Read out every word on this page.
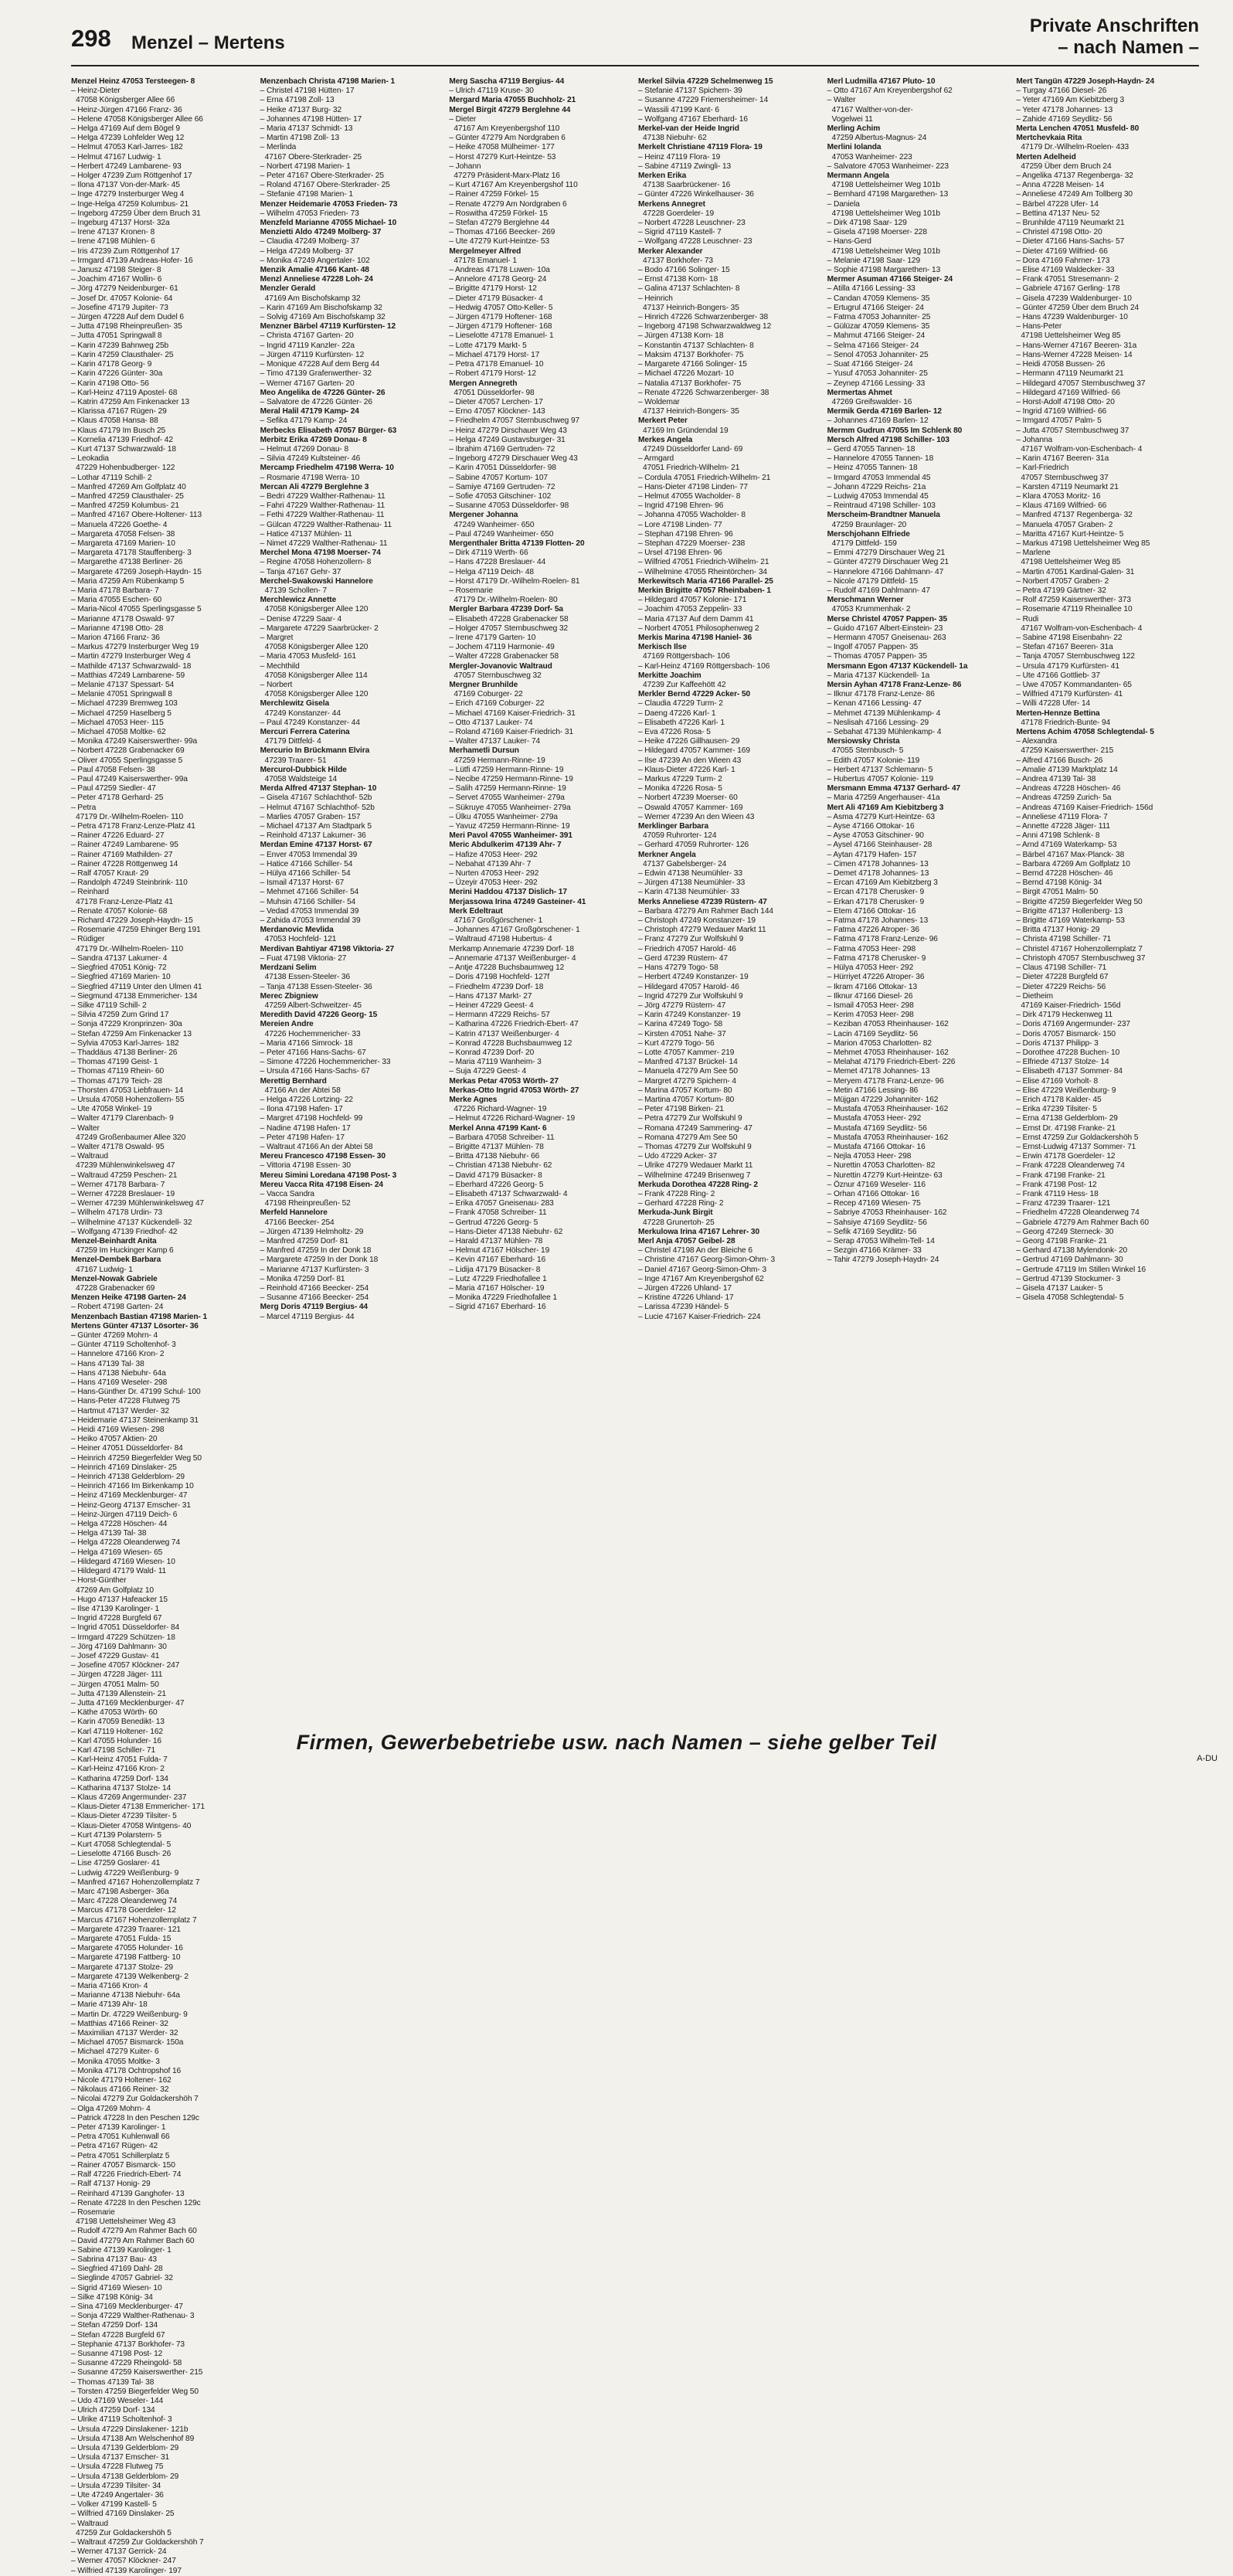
298 Menzel – Mertens
Private Anschriften
– nach Namen –
Menzel Heinz 47053 Tersteegen- 8
– Heinz-Dieter
47058 Königsberger Allee 66
– Heinz-Jürgen 47166 Franz- 36
– Helene 47058 Königsberger Allee 66
– Helga 47169 Auf dem Bögel 9
– Helga 47239 Lohfelder Weg 12
– Helmut 47053 Karl-Jarres- 182
– Helmut 47167 Ludwig- 1
– Herbert 47249 Lambarene- 93
– Holger 47239 Zum Röttgenhof 17
– Ilona 47137 Von-der-Mark- 45
– Inge 47279 Insterburger Weg 4
– Inge-Helga 47259 Kolumbus- 21
– Ingeborg 47259 Über dem Bruch 31
– Ingeburg 47137 Horst- 32a
– Irene 47137 Kronen- 8
– Irene 47198 Mühlen- 6
– Iris 47239 Zum Röttgenhof 17
– Irmgard 47139 Andreas-Hofer- 16
– Janusz 47198 Steiger- 8
– Joachim 47167 Wollin- 6
– Jörg 47279 Neidenburger- 61
– Josef Dr. 47057 Kolonie- 64
– Josefine 47179 Jupiter- 73
– Jürgen 47228 Auf dem Dudel 6
– Jutta 47198 Rheinpreußen- 35
– Jutta 47051 Springwall 8
– Karin 47239 Bahnweg 25b
– Karin 47259 Clausthaler- 25
– Karin 47178 Georg- 9
– Karin 47226 Günter- 30a
– Karin 47198 Otto- 56
– Karl-Heinz 47119 Apostel- 68
– Katrin 47259 Am Finkenacker 13
– Klarissa 47167 Rügen- 29
– Klaus 47058 Hansa- 88
– Klaus 47179 Im Busch 25
– Kornelia 47139 Friedhof- 42
– Kurt 47137 Schwarzwald- 18
– Leokadia
47229 Hohenbudberger- 122
– Lothar 47119 Schill- 2
– Manfred 47269 Am Golfplatz 40
– Manfred 47259 Clausthaler- 25
– Manfred 47259 Kolumbus- 21
– Manfred 47167 Obere-Holtener- 113
– Manuela 47226 Goethe- 4
– Margareta 47058 Felsen- 38
– Margareta 47169 Marien- 10
– Margareta 47178 Stauffenberg- 3
– Margarethe 47138 Berliner- 26
– Margarete 47269 Joseph-Haydn- 15
– Maria 47259 Am Rübenkamp 5
– Maria 47178 Barbara- 7
– Maria 47055 Eschen- 60
– Maria-Nicol 47055 Sperlingsgasse 5
– Marianne 47178 Oswald- 97
– Marianne 47198 Otto- 28
– Marion 47166 Franz- 36
– Markus 47279 Insterburger Weg 19
– Martin 47279 Insterburger Weg 4
– Mathilde 47137 Schwarzwald- 18
– Matthias 47249 Lambarene- 59
– Melanie 47137 Spessart- 54
– Melanie 47051 Springwall 8
– Michael 47239 Bremweg 103
– Michael 47259 Haselberg 5
– Michael 47053 Heer- 115
– Michael 47058 Moltke- 62
– Monika 47249 Kaiserswerther- 99a
– Norbert 47228 Grabenacker 69
– Oliver 47055 Sperlingsgasse 5
– Paul 47058 Felsen- 38
– Paul 47249 Kaiserswerther- 99a
– Paul 47259 Siedler- 47
– Peter 47178 Gerhard- 25
– Petra
47179 Dr.-Wilhelm-Roelen- 110
– Petra 47178 Franz-Lenze-Platz 41
– Rainer 47226 Eduard- 27
– Rainer 47249 Lambarene- 95
– Rainer 47169 Mathilden- 27
– Rainer 47228 Röttgenweg 14
– Ralf 47057 Kraut- 29
– Randolph 47249 Steinbrink- 110
– Reinhard
47178 Franz-Lenze-Platz 41
– Renate 47057 Kolonie- 68
– Richard 47229 Joseph-Haydn- 15
– Rosemarie 47259 Ehinger Berg 191
– Rüdiger
47179 Dr.-Wilhelm-Roelen- 110
– Sandra 47137 Lakumer- 4
– Siegfried 47051 König- 72
– Siegfried 47169 Marien- 10
– Siegfried 47119 Unter den Ulmen 41
– Siegmund 47138 Emmericher- 134
– Silke 47119 Schill- 2
– Silvia 47259 Zum Grind 17
– Sonja 47229 Kronprinzen- 30a
– Stefan 47259 Am Finkenacker 13
– Sylvia 47053 Karl-Jarres- 182
– Thaddäus 47138 Berliner- 26
– Thomas 47199 Geist- 1
– Thomas 47119 Rhein- 60
– Thomas 47179 Teich- 28
– Thorsten 47053 Liebfrauen- 14
– Ursula 47058 Hohenzollern- 55
– Ute 47058 Winkel- 19
– Walter 47179 Clarenbach- 9
– Walter
47249 Großenbaumer Allee 320
– Walter 47178 Oswald- 95
– Waltraud
47239 Mühlenwinkelsweg 47
– Waltraud 47259 Peschen- 21
– Werner 47178 Barbara- 7
– Werner 47228 Breslauer- 19
– Werner 47239 Mühlenwinkelsweg 47
– Wilhelm 47178 Urdin- 73
– Wilhelmine 47137 Kückendell- 32
– Wolfgang 47139 Friedhof- 42
Menzel-Beinhardt Anita
47259 Im Huckinger Kamp 6
Menzel-Dembek Barbara
47167 Ludwig- 1
Menzel-Nowak Gabriele
47228 Grabenacker 69
Menzen Heike 47198 Garten- 24
– Robert 47198 Garten- 24
Menzenbach Bastian 47198 Marien- 1
Menzenbach Christa 47198 Marien- 1
– Christel 47198 Hütten- 17
– Erna 47198 Zoll- 13
– Heike 47137 Burg- 32
– Johannes 47198 Hütten- 17
– Maria 47137 Schmidt- 13
– Martin 47198 Zoll- 13
– Merlinda
47167 Obere-Sterkrader- 25
– Norbert 47198 Marien- 1
– Peter 47167 Obere-Sterkrader- 25
– Roland 47167 Obere-Sterkrader- 25
– Stefanie 47198 Marien- 1
Menzer Heidemarie 47053 Frieden- 73
– Wilhelm 47053 Frieden- 73
Menzfeld Marianne 47055 Michael- 10
Menzietti Aldo 47249 Molberg- 37
– Claudia 47249 Molberg- 37
– Helga 47249 Molberg- 37
– Monika 47249 Angertaler- 102
Menzik Amalie 47166 Kant- 48
Menzl Anneliese 47228 Loh- 24
Menzler Gerald
47169 Am Bischofskamp 32
– Karin 47169 Am Bischofskamp 32
– Solvig 47169 Am Bischofskamp 32
Menzner Bärbel 47119 Kurfürsten- 12
– Christa 47167 Garten- 20
– Ingrid 47119 Kanzler- 22a
– Jürgen 47119 Kurfürsten- 12
– Monique 47228 Auf dem Berg 44
– Timo 47139 Grafenwerther- 32
– Werner 47167 Garten- 20
Meo Angelika de 47226 Günter- 26
– Salvatore de 47226 Günter- 26
Meral Halil 47179 Kamp- 24
– Sefika 47179 Kamp- 24
Merbecks Elisabeth 47057 Bürger- 63
Merbitz Erika 47269 Donau- 8
– Helmut 47269 Donau- 8
– Silvia 47249 Kultsteiner- 46
Mercamp Friedhelm 47198 Werra- 10
– Rosmarie 47198 Werra- 10
Mercan Ali 47279 Berglehne 3
– Bedri 47229 Walther-Rathenau- 11
– Fahri 47229 Walther-Rathenau- 11
– Fethi 47229 Walther-Rathenau- 11
– Gülcan 47229 Walther-Rathenau- 11
– Hatice 47137 Mühlen- 11
– Nimet 47229 Walther-Rathenau- 11
Merchel Mona 47198 Moerser- 74
– Regine 47058 Hohenzollern- 8
– Tanja 47167 Gehr- 37
Merchel-Swakowski Hannelore
47139 Schollen- 7
Merchlewicz Annette
47058 Königsberger Allee 120
– Denise 47229 Saar- 4
– Margarete 47229 Saarbrücker- 2
– Margret
47058 Königsberger Allee 120
– Maria 47053 Musfeld- 161
– Mechthild
47058 Königsberger Allee 114
– Norbert
47058 Königsberger Allee 120
Merchlewitz Gisela
47249 Konstanzer- 44
– Paul 47249 Konstanzer- 44
Mercuri Ferrera Caterina
47179 Dittfeld- 4
Mercurio In Brückmann Elvira
47239 Traarer- 51
Mercurol-Dubbick Hilde
47058 Waldsteige 14
Merda Alfred 47137 Stephan- 10
– Gisela 47167 Schlachthof- 52b
– Helmut 47167 Schlachthof- 52b
– Marlies 47057 Graben- 157
– Michael 47137 Am Stadtpark 5
– Reinhold 47137 Lakumer- 36
Merdan Emine 47137 Horst- 67
– Enver 47053 Immendal 39
– Hatice 47166 Schiller- 54
– Hülya 47166 Schiller- 54
– Ismail 47137 Horst- 67
– Mehmet 47166 Schiller- 54
– Muhsin 47166 Schiller- 54
– Vedad 47053 Immendal 39
– Zahida 47053 Immendal 39
Merdanovic Mevlida
47053 Hochfeld- 121
Merdivan Bahtiyar 47198 Viktoria- 27
– Fuat 47198 Viktoria- 27
Merdzani Selim
47138 Essen-Steeler- 36
– Tanja 47138 Essen-Steeler- 36
Merec Zbigniew
47259 Albert-Schweitzer- 45
Meredith David 47226 Georg- 15
Mereien Andre
47226 Hochemmericher- 33
– Maria 47166 Simrock- 18
– Peter 47166 Hans-Sachs- 67
– Simone 47226 Hochemmericher- 33
– Ursula 47166 Hans-Sachs- 67
Merettig Bernhard
47166 An der Abtei 58
– Helga 47226 Lortzing- 22
– Ilona 47198 Hafen- 17
– Margret 47198 Hochfeld- 99
– Nadine 47198 Hafen- 17
– Peter 47198 Hafen- 17
– Waltraut 47166 An der Abtei 58
Mereu Francesco 47198 Essen- 30
– Vittoria 47198 Essen- 30
Mereu Simini Loredana 47198 Post- 3
Mereu Vacca Rita 47198 Eisen- 24
– Vacca Sandra
47198 Rheinpreußen- 52
Merfeld Hannelore
47166 Beecker- 254
– Jürgen 47139 Helmholtz- 29
– Manfred 47259 Dorf- 81
– Manfred 47259 In der Donk 18
– Margarete 47259 In der Donk 18
– Marianne 47137 Kurfürsten- 3
– Monika 47259 Dorf- 81
– Reinhold 47166 Beecker- 254
– Susanne 47166 Beecker- 254
Merg Doris 47119 Bergius- 44
– Marcel 47119 Bergius- 44
Merg Sascha 47119 Bergius- 44
– Ulrich 47119 Kruse- 30
Mergard Maria 47055 Buchholz- 21
Mergel Birgit 47279 Berglehne 44
– Dieter
47167 Am Kreyenbergshof 110
– Günter 47279 Am Nordgraben 6
– Heike 47058 Mülheimer- 177
– Horst 47279 Kurt-Heintze- 53
– Johann
47279 Präsident-Marx-Platz 16
– Kurt 47167 Am Kreyenbergshof 110
– Rainer 47259 Förkel- 15
– Renate 47279 Am Nordgraben 6
– Roswitha 47259 Förkel- 15
– Stefan 47279 Berglehne 44
– Thomas 47166 Beecker- 269
– Ute 47279 Kurt-Heintze- 53
Mergelmeyer Alfred
47178 Emanuel- 1
– Andreas 47178 Luwen- 10a
– Annelore 47178 Georg- 24
– Brigitte 47179 Horst- 12
– Dieter 47179 Büsacker- 4
– Hedwig 47057 Otto-Keller- 5
– Jürgen 47179 Hoftener- 168
– Jürgen 47179 Hoftener- 168
– Lieselotte 47178 Emanuel- 1
– Lotte 47179 Markt- 5
– Michael 47179 Horst- 17
– Petra 47178 Emanuel- 10
– Robert 47179 Horst- 12
Mergen Annegreth
47051 Düsseldorfer- 98
– Dieter 47057 Lerchen- 17
– Erno 47057 Klöckner- 143
– Friedhelm 47057 Sternbuschweg 97
– Heinz 47279 Dirschauer Weg 43
– Helga 47249 Gustavsburger- 31
– Ibrahim 47169 Gertruden- 72
– Ingeborg 47279 Dirschauer Weg 43
– Karin 47051 Düsseldorfer- 98
– Sabine 47057 Kortum- 107
– Samiye 47169 Gertruden- 72
– Sofie 47053 Gitschiner- 102
– Susanne 47053 Düsseldorfer- 98
Mergener Johanna
47249 Wanheimer- 650
– Paul 47249 Wanheimer- 650
Mergenthaler Britta 47139 Flotten- 20
– Dirk 47119 Werth- 66
– Hans 47228 Breslauer- 44
– Helga 47119 Deich- 48
– Horst 47179 Dr.-Wilhelm-Roelen- 81
– Rosemarie
47179 Dr.-Wilhelm-Roelen- 80
Mergler Barbara 47239 Dorf- 5a
– Elisabeth 47228 Grabenacker 58
– Holger 47057 Sternbuschweg 32
– Irene 47179 Garten- 10
– Jochem 47119 Harmonie- 49
– Walter 47228 Grabenacker 58
Mergler-Jovanovic Waltraud
47057 Sternbuschweg 32
Mergner Brunhilde
47169 Coburger- 22
– Erich 47169 Coburger- 22
– Michael 47169 Kaiser-Friedrich- 31
– Otto 47137 Lauker- 74
– Roland 47169 Kaiser-Friedrich- 31
– Walter 47137 Lauker- 74
Merhametli Dursun
47259 Hermann-Rinne- 19
– Lütfi 47259 Hermann-Rinne- 19
– Necibe 47259 Hermann-Rinne- 19
– Salih 47259 Hermann-Rinne- 19
– Servet 47055 Wanheimer- 279a
– Sükruye 47055 Wanheimer- 279a
– Ülku 47055 Wanheimer- 279a
– Yavuz 47259 Hermann-Rinne- 19
Meri Pavol 47055 Wanheimer- 391
Meric Abdulkerim 47139 Ahr- 7
– Hafize 47053 Heer- 292
– Nebahat 47139 Ahr- 7
– Nurten 47053 Heer- 292
– Üzeyir 47053 Heer- 292
Merini Haddou 47137 Dislich- 17
Merjassowa Irina 47249 Gasteiner- 41
Merk Edeltraut
47167 Großgörschener- 1
– Johannes 47167 Großgörschener- 1
– Waltraud 47198 Hubertus- 4
Merkamp Annemarie 47239 Dorf- 18
– Annemarie 47137 Weißenburger- 4
– Antje 47228 Buchsbaumweg 12
– Doris 47198 Hochfeld- 127f
– Friedhelm 47239 Dorf- 18
– Hans 47137 Markt- 27
– Heiner 47229 Geest- 4
– Hermann 47229 Reichs- 57
– Katharina 47226 Friedrich-Ebert- 47
– Katrin 47137 Weißenburger- 4
– Konrad 47228 Buchsbaumweg 12
– Konrad 47239 Dorf- 20
– Maria 47119 Wanheim- 3
– Suja 47229 Geest- 4
Merkas Petar 47053 Wörth- 27
Merkas-Otto Ingrid 47053 Wörth- 27
Merke Agnes
47226 Richard-Wagner- 19
– Helmut 47226 Richard-Wagner- 19
Merkel Anna 47199 Kant- 6
– Barbara 47058 Schreiber- 11
– Brigitte 47137 Mühlen- 78
– Britta 47138 Niebuhr- 66
– Christian 47138 Niebuhr- 62
– David 47179 Büsacker- 8
– Eberhard 47226 Georg- 5
– Elisabeth 47137 Schwarzwald- 4
– Erika 47057 Gneisenau- 283
– Frank 47058 Schreiber- 11
– Gertrud 47226 Georg- 5
– Hans-Dieter 47138 Niebuhr- 62
– Harald 47137 Mühlen- 78
– Helmut 47167 Hölscher- 19
– Kevin 47167 Eberhard- 16
– Lidija 47179 Büsacker- 8
– Lutz 47229 Friedhofallee 1
– Maria 47167 Hölscher- 19
– Monika 47229 Friedhofallee 1
– Sigrid 47167 Eberhard- 16
Merkel Silvia 47229 Schelmenweg 15
– Stefanie 47137 Spichern- 39
– Susanne 47229 Friemersheimer- 14
– Wassili 47199 Kant- 6
– Wolfgang 47167 Eberhard- 16
Merkel-van der Heide Ingrid
47138 Niebuhr- 62
Merkelt Christiane 47119 Flora- 19
– Heinz 47119 Flora- 19
– Sabine 47119 Zwingli- 13
Merken Erika
47138 Saarbrückener- 16
– Günter 47226 Winkelhauser- 36
Merkens Annegret
47228 Goerdeler- 19
– Norbert 47228 Leuschner- 23
– Sigrid 47119 Kastell- 7
– Wolfgang 47228 Leuschner- 23
Merker Alexander
47137 Borkhofer- 73
– Bodo 47166 Solinger- 15
– Ernst 47138 Korn- 18
– Galina 47137 Schlachten- 8
– Heinrich
47137 Heinrich-Bongers- 35
– Hinrich 47226 Schwarzenberger- 38
– Ingeborg 47198 Schwarzwaldweg 12
– Jürgen 47138 Korn- 18
– Konstantin 47137 Schlachten- 8
– Maksim 47137 Borkhofer- 75
– Margarete 47166 Solinger- 15
– Michael 47226 Mozart- 10
– Natalia 47137 Borkhofer- 75
– Renate 47226 Schwarzenberger- 38
– Woldemar
47137 Heinrich-Bongers- 35
Merkert Peter
47169 Im Gründendal 19
Merkes Angela
47249 Düsseldorfer Land- 69
– Armgard
47051 Friedrich-Wilhelm- 21
– Cordula 47051 Friedrich-Wilhelm- 21
– Hans-Dieter 47198 Linden- 77
– Helmut 47055 Wacholder- 8
– Ingrid 47198 Ehren- 96
– Johanna 47055 Wacholder- 8
– Lore 47198 Linden- 77
– Stephan 47198 Ehren- 96
– Stephan 47229 Moerser- 238
– Ursel 47198 Ehren- 96
– Wilfried 47051 Friedrich-Wilhelm- 21
– Wilhelmine 47055 Rheintörchen- 34
Merkewitsch Maria 47166 Parallel- 25
Merkin Brigitte 47057 Rheinbaben- 1
– Hildegard 47057 Kolonie- 171
– Joachim 47053 Zeppelin- 33
– Maria 47137 Auf dem Damm 41
– Norbert 47051 Philosophenweg 2
Merkis Marina 47198 Haniel- 36
Merkisch Ilse
47169 Röttgersbach- 106
– Karl-Heinz 47169 Röttgersbach- 106
Merkitte Joachim
47239 Zur Kaffeehött 42
Merkler Bernd 47229 Acker- 50
– Claudia 47229 Turm- 2
– Daeng 47226 Karl- 1
– Elisabeth 47226 Karl- 1
– Eva 47226 Rosa- 5
– Heike 47226 Gillhausen- 29
– Hildegard 47057 Kammer- 169
– Ilse 47239 An den Wieen 43
– Klaus-Dieter 47226 Karl- 1
– Markus 47229 Turm- 2
– Monika 47226 Rosa- 5
– Norbert 47239 Moerser- 60
– Oswald 47057 Kammer- 169
– Werner 47239 An den Wieen 43
Merklinger Barbara
47059 Ruhrorter- 124
– Gerhard 47059 Ruhrorter- 126
Merkner Angela
47137 Gabelsberger- 24
– Edwin 47138 Neumühler- 33
– Jürgen 47138 Neumühler- 33
– Karin 47138 Neumühler- 33
Merks Anneliese 47239 Rüstern- 47
– Barbara 47279 Am Rahmer Bach 144
– Christoph 47249 Konstanzer- 19
– Christoph 47279 Wedauer Markt 11
– Franz 47279 Zur Wolfskuhl 9
– Friedrich 47057 Harold- 46
– Gerd 47239 Rüstern- 47
– Hans 47279 Togo- 58
– Herbert 47249 Konstanzer- 19
– Hildegard 47057 Harold- 46
– Ingrid 47279 Zur Wolfskuhl 9
– Jörg 47279 Rüstern- 47
– Karin 47249 Konstanzer- 19
– Karina 47249 Togo- 58
– Kirsten 47051 Nahe- 37
– Kurt 47279 Togo- 56
– Lotte 47057 Kammer- 219
– Manfred 47137 Brückel- 14
– Manuela 47279 Am See 50
– Margret 47279 Spichern- 4
– Marina 47057 Kortum- 80
– Martina 47057 Kortum- 80
– Peter 47198 Birken- 21
– Petra 47279 Zur Wolfskuhl 9
– Romana 47249 Sammering- 47
– Romana 47279 Am See 50
– Thomas 47279 Zur Wolfskuhl 9
– Udo 47229 Acker- 37
– Ulrike 47279 Wedauer Markt 11
– Wilhelmine 47249 Brisenweg 7
Merkuda Dorothea 47228 Ring- 2
– Frank 47228 Ring- 2
– Gerhard 47228 Ring- 2
Merkuda-Junk Birgit
47228 Grunertoh- 25
Merkulowa Irina 47167 Lehrer- 30
Merl Anja 47057 Geibel- 28
– Christel 47198 An der Bleiche 6
– Christine 47167 Georg-Simon-Ohm- 3
– Daniel 47167 Georg-Simon-Ohm- 3
– Inge 47167 Am Kreyenbergshof 62
– Jürgen 47226 Uhland- 17
– Kristine 47226 Uhland- 17
– Larissa 47239 Händel- 5
– Lucie 47167 Kaiser-Friedrich- 224
Merl Ludmilla 47167 Pluto- 10
– Otto 47167 Am Kreyenbergshof 62
– Walter
47167 Walther-von-der-
Vogelwei 11
Merling Achim
47259 Albertus-Magnus- 24
Merlini Iolanda
47053 Wanheimer- 223
– Salvatore 47053 Wanheimer- 223
Mermann Angela
47198 Uettelsheimer Weg 101b
– Bernhard 47198 Margarethen- 13
– Daniela
47198 Uettelsheimer Weg 101b
– Dirk 47198 Saar- 129
– Gisela 47198 Moerser- 228
– Hans-Gerd
47198 Uettelsheimer Weg 101b
– Melanie 47198 Saar- 129
– Sophie 47198 Margarethen- 13
Mermer Asuman 47166 Steiger- 24
– Atilla 47166 Lessing- 33
– Candan 47059 Klemens- 35
– Ertugrul 47166 Steiger- 24
– Fatma 47053 Johanniter- 25
– Gülüzar 47059 Klemens- 35
– Mahmut 47166 Steiger- 24
– Selma 47166 Steiger- 24
– Senol 47053 Johanniter- 25
– Suat 47166 Steiger- 24
– Yusuf 47053 Johanniter- 25
– Zeynep 47166 Lessing- 33
Mermertas Ahmet
47269 Greifswalder- 16
Mermik Gerda 47169 Barlen- 12
– Johannes 47169 Barlen- 12
Mermm Gudrun 47055 Im Schlenk 80
Mersch Alfred 47198 Schiller- 103
– Gerd 47055 Tannen- 18
– Hannelore 47055 Tannen- 18
– Heinz 47055 Tannen- 18
– Irmgard 47053 Immendal 45
– Johann 47229 Reichs- 21a
– Ludwig 47053 Immendal 45
– Reintraud 47198 Schiller- 103
Merscheim-Brandtner Manuela
47259 Braunlager- 20
Merschjohann Elfriede
47179 Dittfeld- 159
– Emmi 47279 Dirschauer Weg 21
– Günter 47279 Dirschauer Weg 21
– Hannelore 47166 Dahlmann- 47
– Nicole 47179 Dittfeld- 15
– Rudolf 47169 Dahlmann- 47
Merschmann Werner
47053 Krummenhak- 2
Merse Christel 47057 Pappen- 35
– Guido 47167 Albert-Einstein- 23
– Hermann 47057 Gneisenau- 263
– Ingolf 47057 Pappen- 35
– Thomas 47057 Pappen- 35
Mersmann Egon 47137 Kückendell- 1a
– Maria 47137 Kückendell- 1a
Mersin Ayhan 47178 Franz-Lenze- 86
– Ilknur 47178 Franz-Lenze- 86
– Kenan 47166 Lessing- 47
– Mehmet 47139 Mühlenkamp- 4
– Neslisah 47166 Lessing- 29
– Sebahat 47139 Mühlenkamp- 4
Mersiowsky Christa
47055 Sternbusch- 5
– Edith 47057 Kolonie- 119
– Herbert 47137 Schlemann- 5
– Hubertus 47057 Kolonie- 119
Mersmann Emma 47137 Gerhard- 47
– Maria 47259 Angerhauser- 41a
Mert Ali 47169 Am Kiebitzberg 3
– Asma 47279 Kurt-Heintze- 63
– Ayse 47166 Ottokar- 16
– Ayse 47053 Gitschiner- 90
– Aysel 47166 Steinhauser- 28
– Aytan 47179 Hafen- 157
– Cimen 47178 Johannes- 13
– Demet 47178 Johannes- 13
– Ercan 47169 Am Kiebitzberg 3
– Ercan 47178 Cherusker- 9
– Erkan 47178 Cherusker- 9
– Etem 47166 Ottokar- 16
– Fatma 47178 Johannes- 13
– Fatma 47226 Atroper- 36
– Fatma 47178 Franz-Lenze- 96
– Fatma 47053 Heer- 298
– Fatma 47178 Cherusker- 9
– Hülya 47053 Heer- 292
– Hürriyet 47226 Atroper- 36
– Ikram 47166 Ottokar- 13
– Ilknur 47166 Diesel- 26
– Ismail 47053 Heer- 298
– Kerim 47053 Heer- 298
– Keziban 47053 Rheinhauser- 162
– Lacin 47169 Seydlitz- 56
– Marion 47053 Charlotten- 82
– Mehmet 47053 Rheinhauser- 162
– Melahat 47179 Friedrich-Ebert- 226
– Memet 47178 Johannes- 13
– Meryem 47178 Franz-Lenze- 96
– Metin 47166 Lessing- 86
– Müjgan 47229 Johanniter- 162
– Mustafa 47053 Rheinhauser- 162
– Mustafa 47053 Heer- 292
– Mustafa 47169 Seydlitz- 56
– Mustafa 47053 Rheinhauser- 162
– Mustafa 47166 Ottokar- 16
– Nejla 47053 Heer- 298
– Nurettin 47053 Charlotten- 82
– Nurettin 47279 Kurt-Heintze- 63
– Öznur 47169 Weseler- 116
– Orhan 47166 Ottokar- 16
– Recep 47169 Wiesen- 75
– Sabriye 47053 Rheinhauser- 162
– Sahsiye 47169 Seydlitz- 56
– Sefik 47169 Seydlitz- 56
– Serap 47053 Wilhelm-Tell- 14
– Sezgin 47166 Krämer- 33
– Tahir 47279 Joseph-Haydn- 24
Mert Tangün 47229 Joseph-Haydn- 24
– Turgay 47166 Diesel- 26
– Yeter 47169 Am Kiebitzberg 3
– Yeter 47178 Johannes- 13
– Zahide 47169 Seydlitz- 56
Merta Lenchen 47051 Musfeld- 80
Mertchevkaia Rita
47179 Dr.-Wilhelm-Roelen- 433
Merten Adelheid
47259 Über dem Bruch 24
– Angelika 47137 Regenberga- 32
– Anna 47228 Meisen- 14
– Anneliese 47249 Am Tollberg 30
– Bärbel 47228 Ufer- 14
– Bettina 47137 Neu- 52
– Brunhilde 47119 Neumarkt 21
– Christel 47198 Otto- 20
– Dieter 47166 Hans-Sachs- 57
– Dieter 47169 Wilfried- 66
– Dora 47169 Fahrner- 173
– Elise 47169 Waldecker- 33
– Frank 47051 Stresemann- 2
– Gabriele 47167 Gerling- 178
– Gisela 47239 Waldenburger- 10
– Günter 47259 Über dem Bruch 24
– Hans 47239 Waldenburger- 10
– Hans-Peter
47198 Uettelsheimer Weg 85
– Hans-Werner 47167 Beeren- 31a
– Hans-Werner 47228 Meisen- 14
– Heidi 47058 Bussen- 26
– Hermann 47119 Neumarkt 21
– Hildegard 47057 Sternbuschweg 37
– Hildegard 47169 Wilfried- 66
– Horst-Adolf 47198 Otto- 20
– Ingrid 47169 Wilfried- 66
– Irmgard 47057 Palm- 5
– Jutta 47057 Sternbuschweg 37
– Johanna
47167 Wolfram-von-Eschenbach- 4
– Karin 47167 Beeren- 31a
– Karl-Friedrich
47057 Sternbuschweg 37
– Karsten 47119 Neumarkt 21
– Klara 47053 Moritz- 16
– Klaus 47169 Wilfried- 66
– Manfred 47137 Regenberga- 32
– Manuela 47057 Graben- 2
– Maritta 47167 Kurt-Heintze- 5
– Markus 47198 Uettelsheimer Weg 85
– Marlene
47198 Uettelsheimer Weg 85
– Martin 47051 Kardinal-Galen- 31
– Norbert 47057 Graben- 2
– Petra 47199 Gärtner- 32
– Rolf 47259 Kaiserswerther- 373
– Rosemarie 47119 Rheinallee 10
– Rudi
47167 Wolfram-von-Eschenbach- 4
– Sabine 47198 Eisenbahn- 22
– Stefan 47167 Beeren- 31a
– Tanja 47057 Sternbuschweg 122
– Ursula 47179 Kurfürsten- 41
– Ute 47166 Gottlieb- 37
– Uwe 47057 Kommandanten- 65
– Wilfried 47179 Kurfürsten- 41
– Willi 47228 Ufer- 14
Merten-Hennze Bettina
47178 Friedrich-Bunte- 94
Mertens Achim 47058 Schlegtendal- 5
– Alexandra
47259 Kaiserswerther- 215
– Alfred 47166 Busch- 26
– Amalie 47139 Marktplatz 14
– Andrea 47139 Tal- 38
– Andreas 47228 Höschen- 46
– Andreas 47259 Zurich- 5a
– Andreas 47169 Kaiser-Friedrich- 156d
– Anneliese 47119 Flora- 7
– Annette 47228 Jäger- 111
– Anni 47198 Schlenk- 8
– Arnd 47169 Waterkamp- 53
– Bärbel 47167 Max-Planck- 38
– Barbara 47269 Am Golfplatz 10
– Bernd 47228 Höschen- 46
– Bernd 47198 König- 34
– Birgit 47051 Malm- 50
– Brigitte 47259 Biegerfelder Weg 50
– Brigitte 47137 Hollenberg- 13
– Brigitte 47169 Waterkamp- 53
– Britta 47137 Honig- 29
– Christa 47198 Schiller- 71
– Christel 47167 Hohenzollernplatz 7
– Christoph 47057 Sternbuschweg 37
– Claus 47198 Schiller- 71
– Dieter 47228 Burgfeld 67
– Dieter 47229 Reichs- 56
– Dietheim
47169 Kaiser-Friedrich- 156d
– Dirk 47179 Heckenweg 11
– Doris 47169 Angermunder- 237
– Doris 47057 Bismarck- 150
– Doris 47137 Philipp- 3
– Dorothee 47228 Buchen- 10
– Elfriede 47137 Stolze- 14
– Elisabeth 47137 Sommer- 84
– Elise 47169 Vorholt- 8
– Elise 47229 Weißenburg- 9
– Erich 47178 Kalder- 45
– Erika 47239 Tilsiter- 5
– Erna 47138 Gelderblom- 29
– Ernst Dr. 47198 Franke- 21
– Ernst 47259 Zur Goldackershöh 5
– Ernst-Ludwig 47137 Sommer- 71
– Erwin 47178 Goerdeler- 12
– Frank 47228 Oleanderweg 74
– Frank 47198 Franke- 21
– Frank 47198 Post- 12
– Frank 47119 Hess- 18
– Franz 47239 Traarer- 121
– Friedhelm 47228 Oleanderweg 74
– Gabriele 47279 Am Rahmer Bach 60
– Georg 47249 Sterneck- 30
– Georg 47198 Franke- 21
– Gerhard 47138 Mylendonk- 20
– Gertrud 47169 Dahlmann- 30
– Gertrude 47119 Im Stillen Winkel 16
– Gertrud 47139 Stockumer- 3
– Gisela 47137 Lauker- 5
– Gisela 47058 Schlegtendal- 5
Mertens Günter 47137 Lösorter- 36
– Günter 47269 Mohrn- 4
– Günter 47119 Scholtenhof- 3
– Hannelore 47166 Kron- 2
– Hans 47139 Tal- 38
– Hans 47138 Niebuhr- 64a
– Hans 47169 Weseler- 298
– Hans-Günther Dr. 47199 Schul- 100
– Hans-Peter 47228 Flutweg 75
– Hartmut 47137 Werder- 32
– Heidemarie 47137 Steinenkamp 31
– Heidi 47169 Wiesen- 298
– Heiko 47057 Aktien- 20
– Heiner 47051 Düsseldorfer- 84
– Heinrich 47259 Biegerfelder Weg 50
– Heinrich 47169 Dinslaker- 25
– Heinrich 47138 Gelderblom- 29
– Heinrich 47166 Im Birkenkamp 10
– Heinz 47169 Mecklenburger- 47
– Heinz-Georg 47137 Emscher- 31
– Heinz-Jürgen 47119 Deich- 6
– Helga 47228 Höschen- 44
– Helga 47139 Tal- 38
– Helga 47228 Oleanderweg 74
– Helga 47169 Wiesen- 65
– Hildegard 47169 Wiesen- 10
– Hildegard 47179 Wald- 11
– Horst-Günther
47269 Am Golfplatz 10
– Hugo 47137 Hafeacker 15
– Ilse 47139 Karolinger- 1
– Ingrid 47228 Burgfeld 67
– Ingrid 47051 Düsseldorfer- 84
– Irmgard 47229 Schützen- 18
– Jörg 47169 Dahlmann- 30
– Josef 47229 Gustav- 41
– Josefine 47057 Klöckner- 247
– Jürgen 47228 Jäger- 111
– Jürgen 47051 Malm- 50
– Jutta 47139 Allenstein- 21
– Jutta 47169 Mecklenburger- 47
– Käthe 47053 Wörth- 60
– Karin 47059 Benedikt- 13
– Karl 47119 Holtener- 162
– Karl 47055 Holunder- 16
– Karl 47198 Schiller- 71
– Karl-Heinz 47051 Fulda- 7
– Karl-Heinz 47166 Kron- 2
– Katharina 47259 Dorf- 134
– Katharina 47137 Stolze- 14
– Klaus 47269 Angermunder- 237
– Klaus-Dieter 47138 Emmericher- 171
– Klaus-Dieter 47239 Tilsiter- 5
– Klaus-Dieter 47058 Wintgens- 40
– Kurt 47139 Polarstern- 5
– Kurt 47058 Schlegtendal- 5
– Lieselotte 47166 Busch- 26
– Lise 47259 Goslarer- 41
– Ludwig 47229 Weißenburg- 9
– Manfred 47167 Hohenzollernplatz 7
– Marc 47198 Asberger- 36a
– Marc 47228 Oleanderweg 74
– Marcus 47178 Goerdeler- 12
– Marcus 47167 Hohenzollernplatz 7
– Margarete 47239 Traarer- 121
– Margarete 47051 Fulda- 15
– Margarete 47055 Holunder- 16
– Margarete 47198 Fattberg- 10
– Margarete 47137 Stolze- 29
– Margarete 47139 Welkenberg- 2
– Maria 47166 Kron- 4
– Marianne 47138 Niebuhr- 64a
– Marie 47139 Ahr- 18
– Martin Dr. 47229 Weißenburg- 9
– Matthias 47166 Reiner- 32
– Maximilian 47137 Werder- 32
– Michael 47057 Bismarck- 150a
– Michael 47279 Kuiter- 6
– Monika 47055 Moltke- 3
– Monika 47178 Ochtropshof 16
– Nicole 47179 Holtener- 162
– Nikolaus 47166 Reiner- 32
– Nicolai 47279 Zur Goldackershöh 7
– Olga 47269 Mohrn- 4
– Patrick 47228 In den Peschen 129c
– Peter 47139 Karolinger- 1
– Petra 47051 Kuhlenwall 66
– Petra 47167 Rügen- 42
– Petra 47051 Schillerplatz 5
– Rainer 47057 Bismarck- 150
– Ralf 47226 Friedrich-Ebert- 74
– Ralf 47137 Honig- 29
– Reinhard 47139 Ganghofer- 13
– Renate 47228 In den Peschen 129c
– Rosemarie
47198 Uettelsheimer Weg 43
– Rudolf 47279 Am Rahmer Bach 60
– David 47279 Am Rahmer Bach 60
– Sabine 47139 Karolinger- 1
– Sabrina 47137 Bau- 43
– Siegfried 47169 Dahl- 28
– Sieglinde 47057 Gabriel- 32
– Sigrid 47169 Wiesen- 10
– Silke 47198 König- 34
– Sina 47169 Mecklenburger- 47
– Sonja 47229 Walther-Rathenau- 3
– Stefan 47259 Dorf- 134
– Stefan 47228 Burgfeld 67
– Stephanie 47137 Borkhofer- 73
– Susanne 47198 Post- 12
– Susanne 47229 Rheingold- 58
– Susanne 47259 Kaiserswerther- 215
– Thomas 47139 Tal- 38
– Torsten 47259 Biegerfelder Weg 50
– Udo 47169 Weseler- 144
– Ulrich 47259 Dorf- 134
– Ulrike 47119 Scholtenhof- 3
– Ursula 47229 Dinslakener- 121b
– Ursula 47138 Am Welschenhof 89
– Ursula 47139 Gelderblom- 29
– Ursula 47137 Emscher- 31
– Ursula 47228 Flutweg 75
– Ursula 47138 Gelderblom- 29
– Ursula 47239 Tilsiter- 34
– Ute 47249 Angertaler- 36
– Volker 47199 Kastell- 5
– Wilfried 47169 Dinslaker- 25
– Waltraud
47259 Zur Goldackershöh 5
– Waltraut 47259 Zur Goldackershöh 7
– Werner 47137 Gerrick- 24
– Werner 47057 Klöckner- 247
– Wilfried 47139 Karolinger- 197
Firmen, Gewerbebetriebe usw. nach Namen – siehe gelber Teil
A-DU
